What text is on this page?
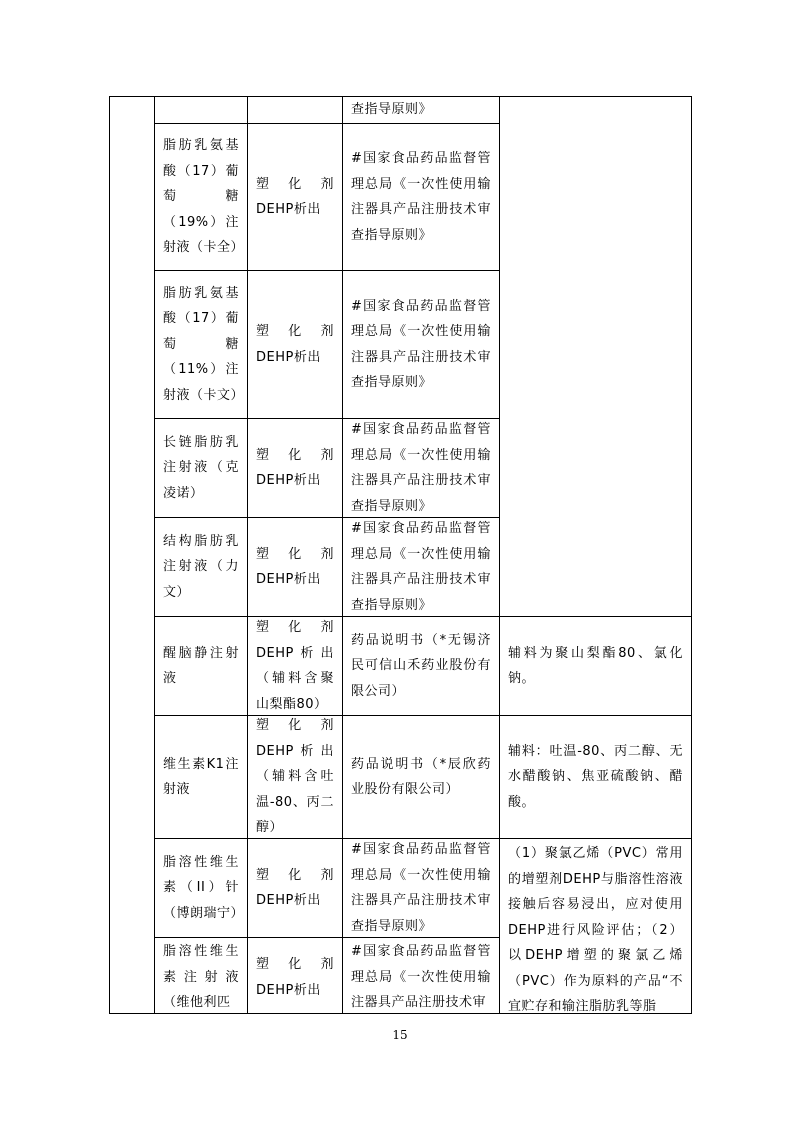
查指导原则》
脂肪乳氨基酸（17）葡萄糖（19%）注射液（卡全）
塑化剂DEHP析出
#国家食品药品监督管理总局《一次性使用输注器具产品注册技术审查指导原则》
脂肪乳氨基酸（17）葡萄糖（11%）注射液（卡文）
塑化剂DEHP析出
#国家食品药品监督管理总局《一次性使用输注器具产品注册技术审查指导原则》
长链脂肪乳注射液（克凌诺）
塑化剂DEHP析出
#国家食品药品监督管理总局《一次性使用输注器具产品注册技术审查指导原则》
结构脂肪乳注射液（力文）
塑化剂DEHP析出
#国家食品药品监督管理总局《一次性使用输注器具产品注册技术审查指导原则》
醒脑静注射液
塑化剂DEHP析出（辅料含聚山梨酯80）
药品说明书（*无锡济民可信山禾药业股份有限公司）
辅料为聚山梨酯80、氯化钠。
维生素K1注射液
塑化剂DEHP析出（辅料含吐温-80、丙二醇）
药品说明书（*辰欣药业股份有限公司）
辅料：吐温-80、丙二醇、无水醋酸钠、焦亚硫酸钠、醋酸。
脂溶性维生素（II）针（博朗瑞宁）
塑化剂DEHP析出
#国家食品药品监督管理总局《一次性使用输注器具产品注册技术审查指导原则》
脂溶性维生素注射液（维他利匹
塑化剂DEHP析出
#国家食品药品监督管理总局《一次性使用输注器具产品注册技术审
（1）聚氯乙烯（PVC）常用的增塑剂DEHP与脂溶性溶液接触后容易浸出，应对使用DEHP进行风险评估；（2）以DEHP增塑的聚氯乙烯（PVC）作为原料的产品“不宜贮存和输注脂肪乳等脂
15
